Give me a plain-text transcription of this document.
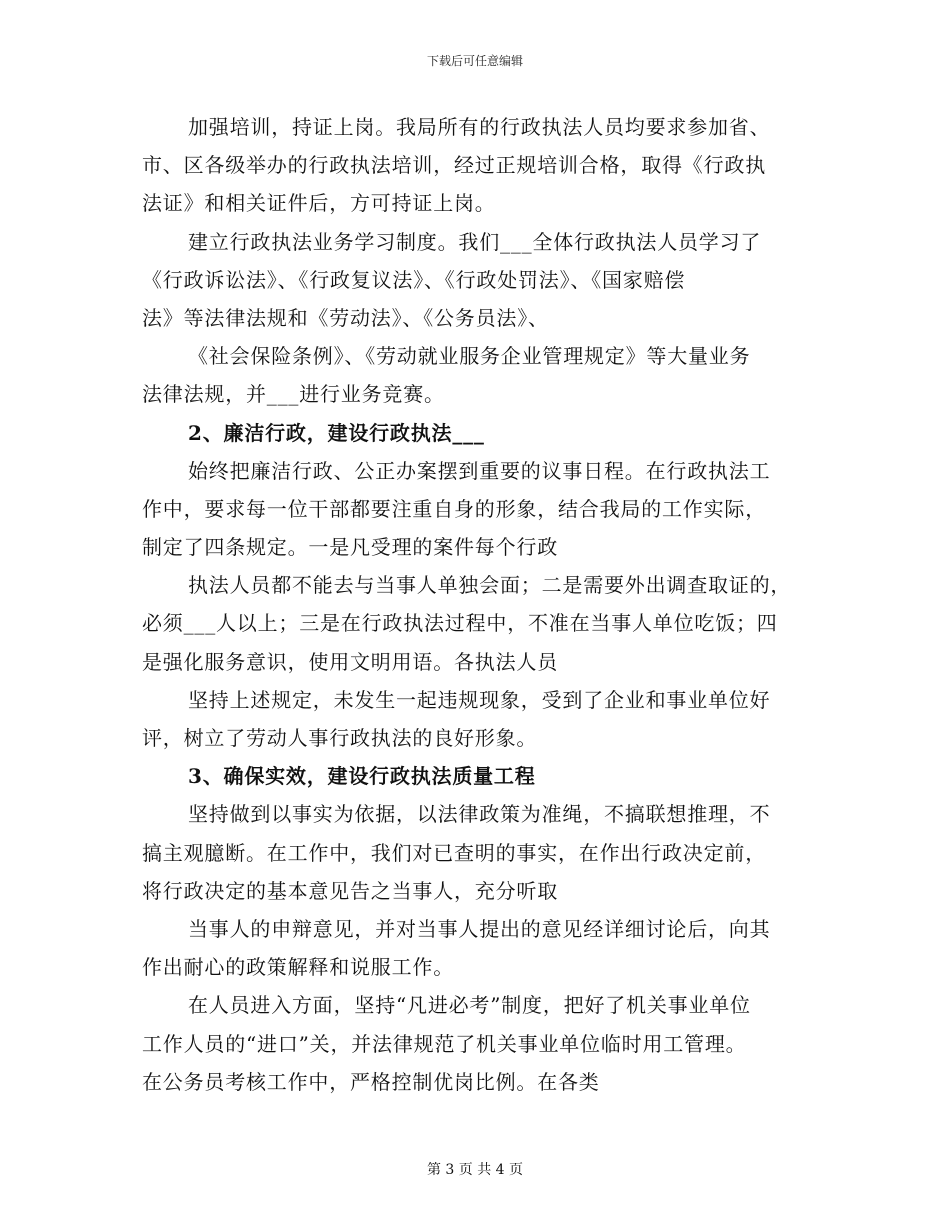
下载后可任意编辑
加强培训，持证上岗。我局所有的行政执法人员均要求参加省、
市、区各级举办的行政执法培训，经过正规培训合格，取得《行政执
法证》和相关证件后，方可持证上岗。
建立行政执法业务学习制度。我们___全体行政执法人员学习了
《行政诉讼法》、《行政复议法》、《行政处罚法》、《国家赔偿
法》等法律法规和《劳动法》、《公务员法》、
《社会保险条例》、《劳动就业服务企业管理规定》等大量业务
法律法规，并___进行业务竞赛。
2、廉洁行政，建设行政执法___
始终把廉洁行政、公正办案摆到重要的议事日程。在行政执法工
作中，要求每一位干部都要注重自身的形象，结合我局的工作实际，
制定了四条规定。一是凡受理的案件每个行政
执法人员都不能去与当事人单独会面；二是需要外出调查取证的，
必须___人以上；三是在行政执法过程中，不准在当事人单位吃饭；四
是强化服务意识，使用文明用语。各执法人员
坚持上述规定，未发生一起违规现象，受到了企业和事业单位好
评，树立了劳动人事行政执法的良好形象。
3、确保实效，建设行政执法质量工程
坚持做到以事实为依据，以法律政策为准绳，不搞联想推理，不
搞主观臆断。在工作中，我们对已查明的事实，在作出行政决定前，
将行政决定的基本意见告之当事人，充分听取
当事人的申辩意见，并对当事人提出的意见经详细讨论后，向其
作出耐心的政策解释和说服工作。
在人员进入方面，坚持“凡进必考”制度，把好了机关事业单位
工作人员的“进口”关，并法律规范了机关事业单位临时用工管理。
在公务员考核工作中，严格控制优岗比例。在各类
第 3 页 共 4 页
